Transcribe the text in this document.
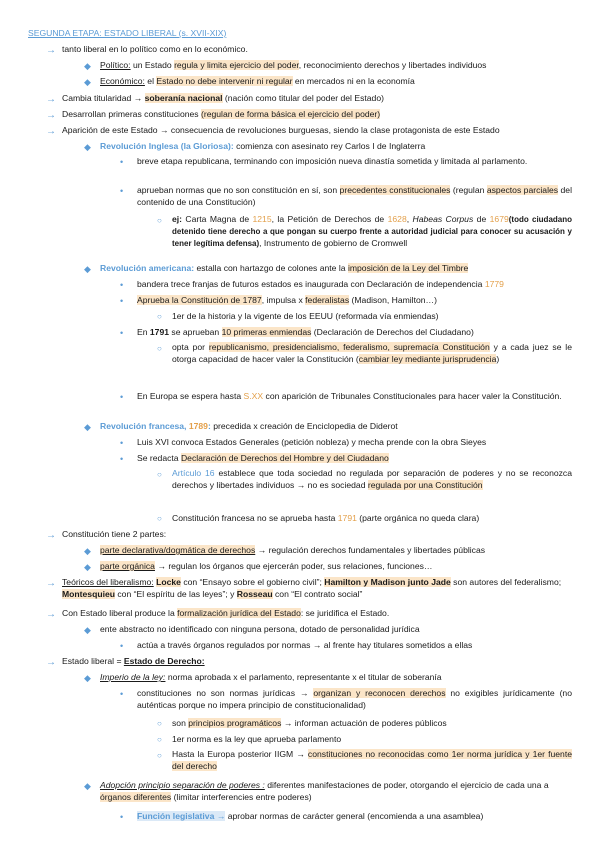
SEGUNDA ETAPA: ESTADO LIBERAL (s. XVII-XIX)
→ tanto liberal en lo político como en lo económico.
◆ Político: un Estado regula y limita ejercicio del poder, reconocimiento derechos y libertades individuos
◆ Económico: el Estado no debe intervenir ni regular en mercados ni en la economía
→ Cambia titularidad → soberanía nacional (nación como titular del poder del Estado)
→ Desarrollan primeras constituciones (regulan de forma básica el ejercicio del poder)
→ Aparición de este Estado → consecuencia de revoluciones burguesas, siendo la clase protagonista de este Estado
◆ Revolución Inglesa (la Gloriosa): comienza con asesinato rey Carlos I de Inglaterra
• breve etapa republicana, terminando con imposición nueva dinastía sometida y limitada al parlamento.
• aprueban normas que no son constitución en sí, son precedentes constitucionales (regulan aspectos parciales del contenido de una Constitución)
○ ej: Carta Magna de 1215, la Petición de Derechos de 1628, Habeas Corpus de 1679(todo ciudadano detenido tiene derecho a que pongan su cuerpo frente a autoridad judicial para conocer su acusación y tener legítima defensa), Instrumento de gobierno de Cromwell
◆ Revolución americana: estalla con hartazgo de colones ante la imposición de la Ley del Timbre
• bandera trece franjas de futuros estados es inaugurada con Declaración de independencia 1779
• Aprueba la Constitución de 1787, impulsa x federalistas (Madison, Hamilton…)
○ 1er de la historia y la vigente de los EEUU (reformada vía enmiendas)
• En 1791 se aprueban 10 primeras enmiendas (Declaración de Derechos del Ciudadano)
○ opta por republicanismo, presidencialismo, federalismo, supremacía Constitución y a cada juez se le otorga capacidad de hacer valer la Constitución (cambiar ley mediante jurisprudencia)
• En Europa se espera hasta S.XX con aparición de Tribunales Constitucionales para hacer valer la Constitución.
◆ Revolución francesa, 1789: precedida x creación de Enciclopedia de Diderot
• Luis XVI convoca Estados Generales (petición nobleza) y mecha prende con la obra Sieyes
• Se redacta Declaración de Derechos del Hombre y del Ciudadano
○ Artículo 16 establece que toda sociedad no regulada por separación de poderes y no se reconozca derechos y libertades individuos → no es sociedad regulada por una Constitución
○ Constitución francesa no se aprueba hasta 1791 (parte orgánica no queda clara)
→ Constitución tiene 2 partes:
◆ parte declarativa/dogmática de derechos → regulación derechos fundamentales y libertades públicas
◆ parte orgánica → regulan los órganos que ejercerán poder, sus relaciones, funciones…
→ Teóricos del liberalismo: Locke con “Ensayo sobre el gobierno civil”; Hamilton y Madison junto Jade son autores del federalismo; Montesquieu con “El espíritu de las leyes”; y Rosseau con “El contrato social”
→ Con Estado liberal produce la formalización jurídica del Estado: se juridifica el Estado.
◆ ente abstracto no identificado con ninguna persona, dotado de personalidad jurídica
• actúa a través órganos regulados por normas → al frente hay titulares sometidos a ellas
→ Estado liberal = Estado de Derecho:
◆ Imperio de la ley: norma aprobada x el parlamento, representante x el titular de soberanía
• constituciones no son normas jurídicas → organizan y reconocen derechos no exigibles jurídicamente (no auténticas porque no impera principio de constitucionalidad)
○ son principios programáticos → informan actuación de poderes públicos
○ 1er norma es la ley que aprueba parlamento
○ Hasta la Europa posterior IIGM → constituciones no reconocidas como 1er norma jurídica y 1er fuente del derecho
◆ Adopción principio separación de poderes : diferentes manifestaciones de poder, otorgando el ejercicio de cada una a órganos diferentes (limitar interferencies entre poderes)
• Función legislativa → aprobar normas de carácter general (encomienda a una asamblea)
